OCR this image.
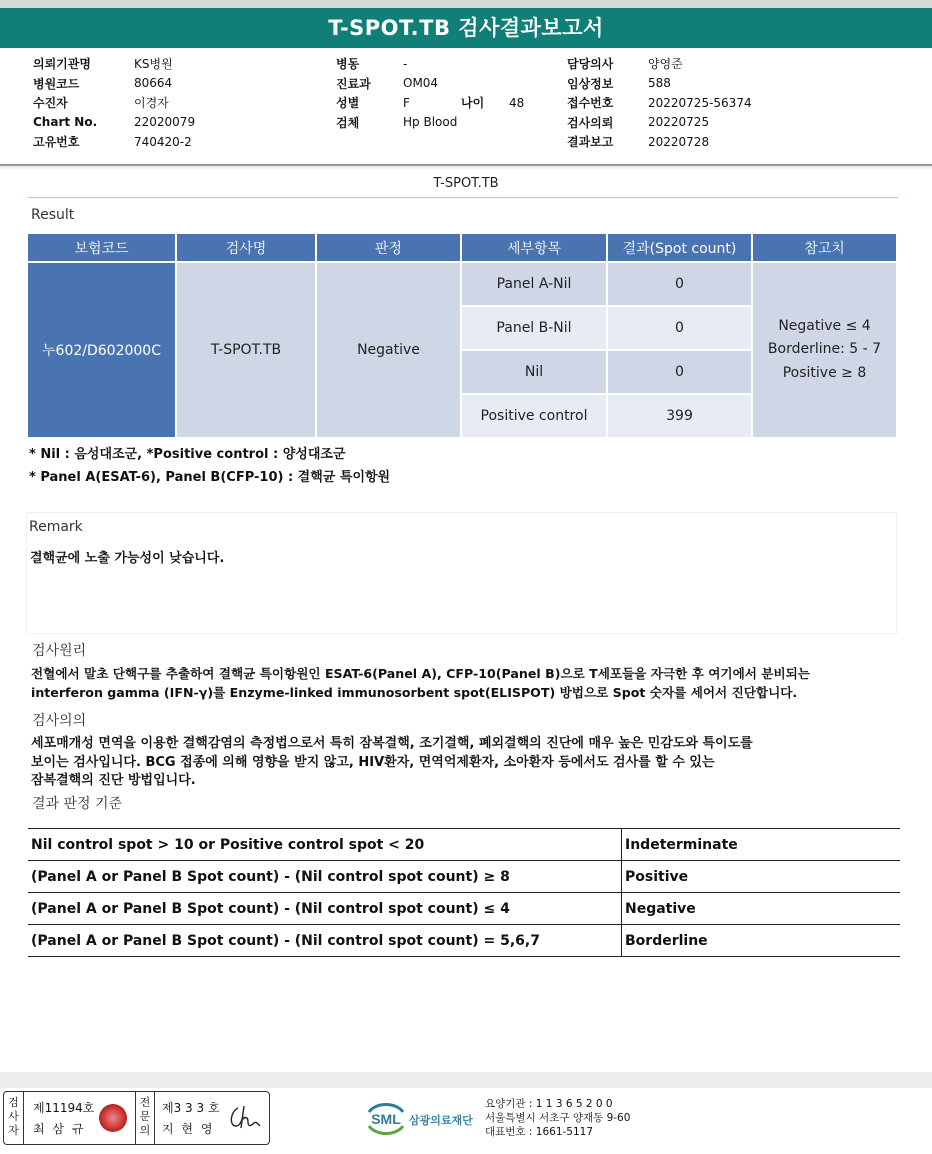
T-SPOT.TB 검사결과보고서
의뢰기관명	KS병원
병원코드	80664
수진자	이경자
Chart No.	22020079
고유번호	740420-2
병동	-
진료과	OM04
성별	F	나이	48
검체	Hp Blood
담당의사	양영준
임상정보	588
접수번호	20220725-56374
검사의뢰	20220725
결과보고	20220728
T-SPOT.TB
Result
보험코드	검사명	판정	세부항목	결과(Spot count)	참고치
누602/D602000C	T-SPOT.TB	Negative	Panel A-Nil	0	Negative ≤ 4
Borderline: 5 - 7
Positive ≥ 8

			Panel B-Nil	0	
			Nil	0	
			Positive control	399	
* Nil : 음성대조군, *Positive control : 양성대조군
* Panel A(ESAT-6), Panel B(CFP-10) : 결핵균 특이항원
Remark
결핵균에 노출 가능성이 낮습니다.
검사원리
전혈에서 말초 단핵구를 추출하여 결핵균 특이항원인 ESAT-6(Panel A), CFP-10(Panel B)으로 T세포들을 자극한 후 여기에서 분비되는
interferon gamma (IFN-γ)를 Enzyme-linked immunosorbent spot(ELISPOT) 방법으로 Spot 숫자를 세어서 진단합니다.
검사의의
세포매개성 면역을 이용한 결핵감염의 측정법으로서 특히 잠복결핵, 조기결핵, 폐외결핵의 진단에 매우 높은 민감도와 특이도를
보이는 검사입니다. BCG 접종에 의해 영향을 받지 않고, HIV환자, 면역억제환자, 소아환자 등에서도 검사를 할 수 있는
잠복결핵의 진단 방법입니다.
결과 판정 기준
Nil control spot > 10 or Positive control spot < 20	Indeterminate
(Panel A or Panel B Spot count) - (Nil control spot count) ≥ 8	Positive
(Panel A or Panel B Spot count) - (Nil control spot count) ≤ 4	Negative
(Panel A or Panel B Spot count) - (Nil control spot count) = 5,6,7	Borderline
검사자
제11194호
최 삼 규
전문의
제3 3 3 호
지 현 영
SML 삼광의료재단
요양기관 : 1 1 3 6 5 2 0 0
서울특별시 서초구 양재동 9-60
대표번호 : 1661-5117
